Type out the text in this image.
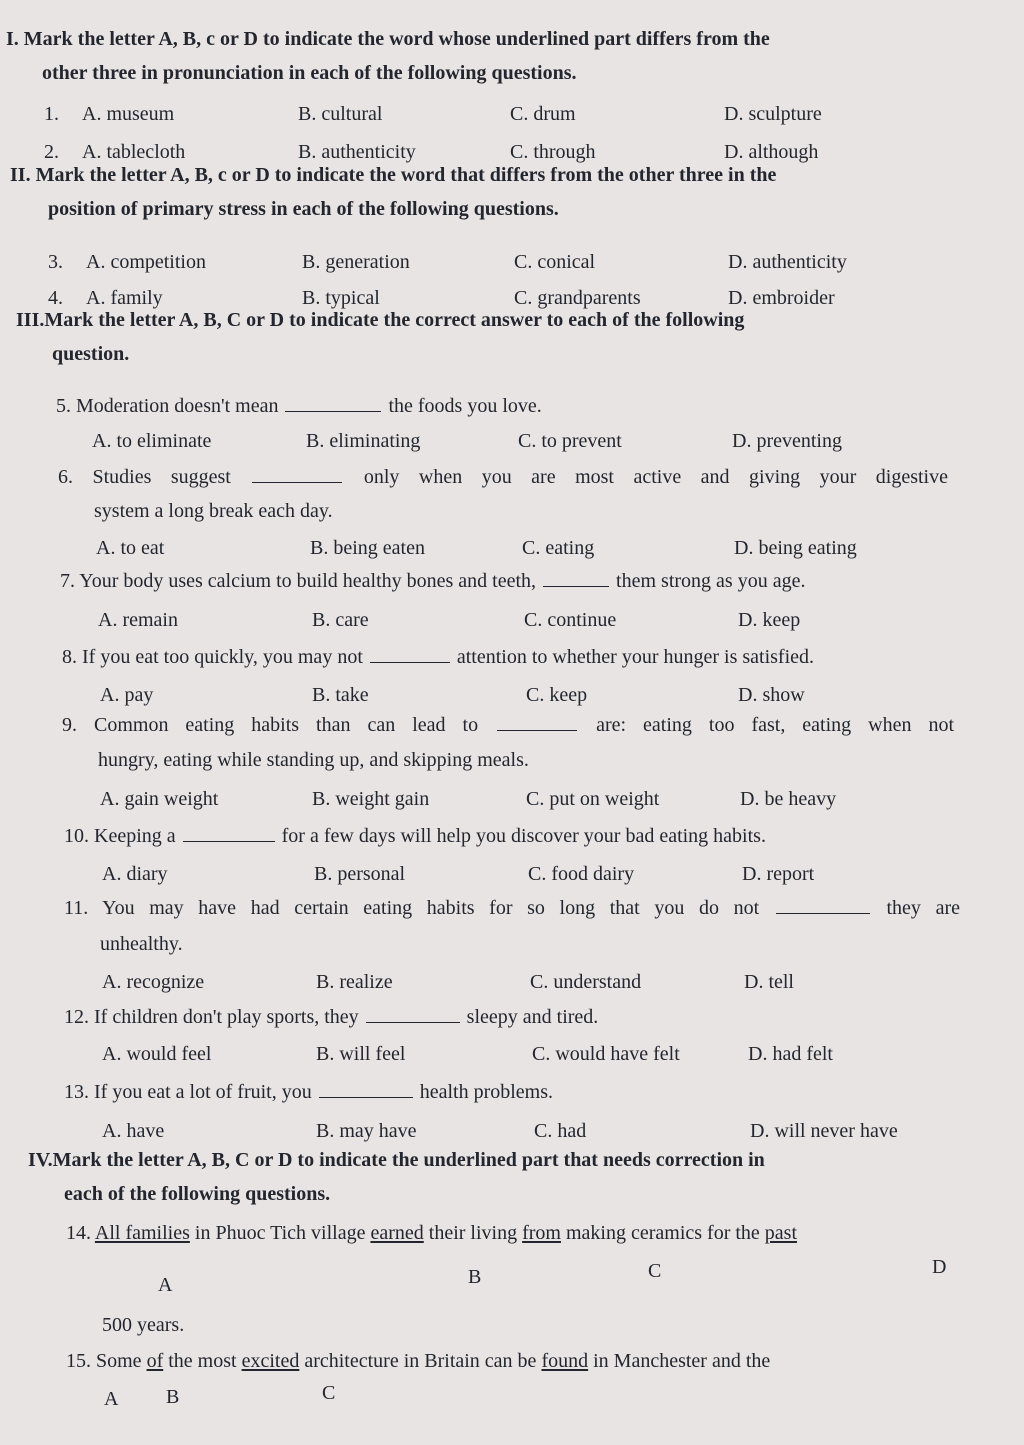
I. Mark the letter A, B, c or D to indicate the word whose underlined part differs from the
other three in pronunciation in each of the following questions.
1. A. museum	B. cultural	C. drum	D. sculpture
2. A. tablecloth	B. authenticity	C. through	D. although
II. Mark the letter A, B, c or D to indicate the word that differs from the other three in the
position of primary stress in each of the following questions.
3. A. competition	B. generation	C. conical	D. authenticity
4. A. family	B. typical	C. grandparents	D. embroider
III.Mark the letter A, B, C or D to indicate the correct answer to each of the following
question.
5. Moderation doesn't mean	the foods you love.
A. to eliminate	B. eliminating	C. to prevent	D. preventing
6. Studies suggest	only when you are most active and giving your digestive
system a long break each day.
A. to eat	B. being eaten	C. eating	D. being eating
7. Your body uses calcium to build healthy bones and teeth,	them strong as you age.
A. remain	B. care	C. continue	D. keep
8. If you eat too quickly, you may not	attention to whether your hunger is satisfied.
A. pay	B. take	C. keep	D. show
9. Common eating habits than can lead to	are: eating too fast, eating when not
hungry, eating while standing up, and skipping meals.
A. gain weight	B. weight gain	C. put on weight	D. be heavy
10. Keeping a	for a few days will help you discover your bad eating habits.
A. diary	B. personal	C. food dairy	D. report
11. You may have had certain eating habits for so long that you do not	they are
unhealthy.
A. recognize	B. realize	C. understand	D. tell
12. If children don't play sports, they	sleepy and tired.
A. would feel	B. will feel	C. would have felt	D. had felt
13. If you eat a lot of fruit, you	health problems.
A. have	B. may have	C. had	D. will never have
IV.Mark the letter A, B, C or D to indicate the underlined part that needs correction in
each of the following questions.
14. All families in Phuoc Tich village earned their living from making ceramics for the past
A	B	C	D
500 years.
15. Some of the most excited architecture in Britain can be found in Manchester and the
A B	C
